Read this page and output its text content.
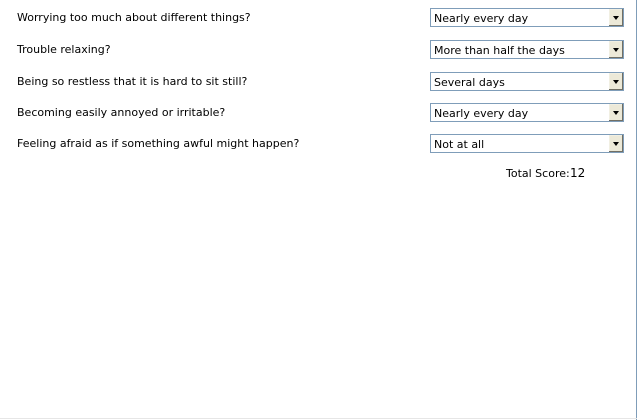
Worrying too much about different things?	Nearly every day
Trouble relaxing?	More than half the days
Being so restless that it is hard to sit still?	Several days
Becoming easily annoyed or irritable?	Nearly every day
Feeling afraid as if something awful might happen?	Not at all
Total Score: 12
